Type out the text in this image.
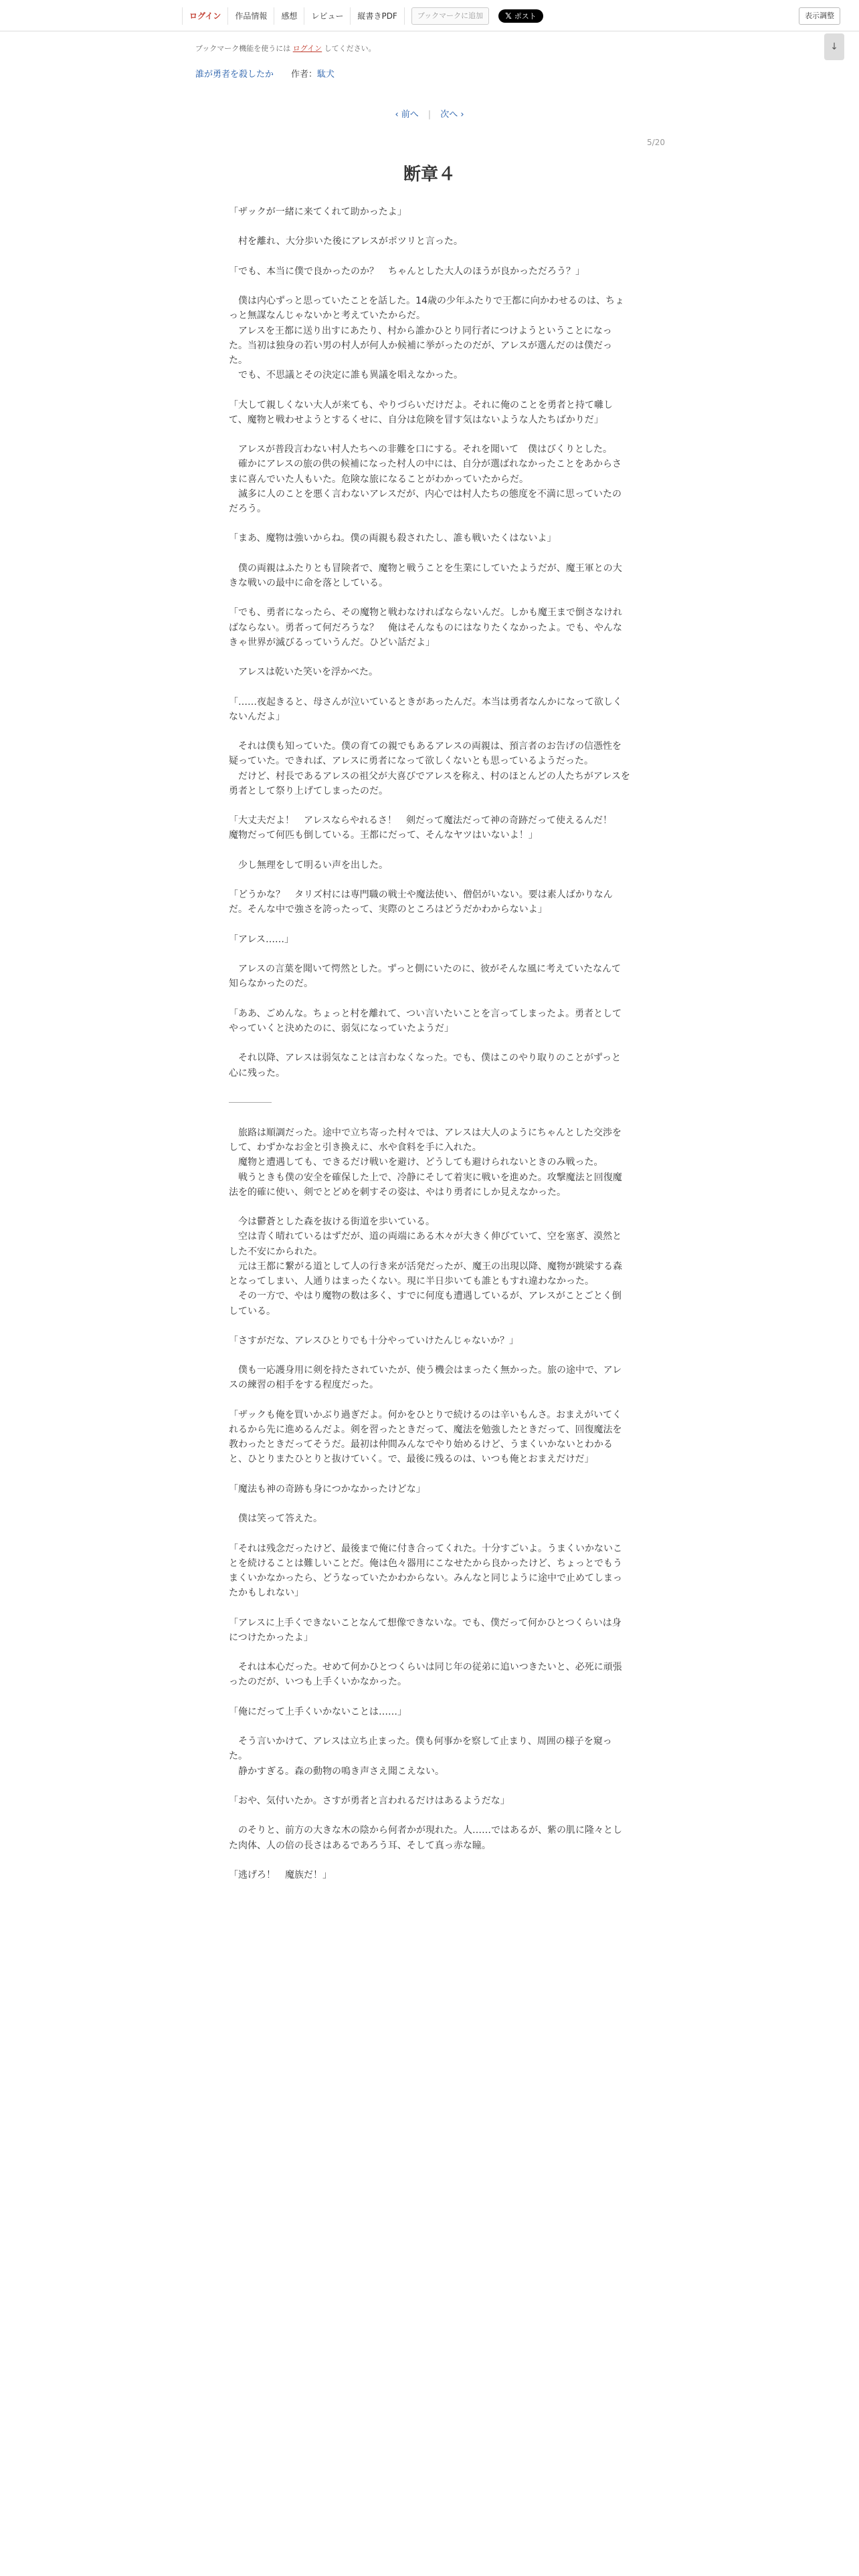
ログイン	作品情報	感想	レビュー	縦書きPDF	ブックマークに追加	𝕏 ポスト	表示調整
↓
ブックマーク機能を使うには ログイン してください。
誰が勇者を殺したか 作者：駄犬
‹ 前へ | 次へ ›
5/20
断章４

「ザックが一緒に来てくれて助かったよ」

　村を離れ、大分歩いた後にアレスがポツリと言った。

「でも、本当に僕で良かったのか？　ちゃんとした大人のほうが良かっただろう？」

　僕は内心ずっと思っていたことを話した。14歳の少年ふたりで王都に向かわせるのは、ちょっと無謀なんじゃないかと考えていたからだ。

　アレスを王都に送り出すにあたり、村から誰かひとり同行者につけようということになった。当初は独身の若い男の村人が何人か候補に挙がったのだが、アレスが選んだのは僕だった。

　でも、不思議とその決定に誰も異議を唱えなかった。

「大して親しくない大人が来ても、やりづらいだけだよ。それに俺のことを勇者と持て囃して、魔物と戦わせようとするくせに、自分は危険を冒す気はないような人たちばかりだ」

　アレスが普段言わない村人たちへの非難を口にする。それを聞いて　僕はびくりとした。

　確かにアレスの旅の供の候補になった村人の中には、自分が選ばれなかったことをあからさまに喜んでいた人もいた。危険な旅になることがわかっていたからだ。

　滅多に人のことを悪く言わないアレスだが、内心では村人たちの態度を不満に思っていたのだろう。

「まあ、魔物は強いからね。僕の両親も殺されたし、誰も戦いたくはないよ」

　僕の両親はふたりとも冒険者で、魔物と戦うことを生業にしていたようだが、魔王軍との大きな戦いの最中に命を落としている。

「でも、勇者になったら、その魔物と戦わなければならないんだ。しかも魔王まで倒さなければならない。勇者って何だろうな？　俺はそんなものにはなりたくなかったよ。でも、やんなきゃ世界が滅びるっていうんだ。ひどい話だよ」

　アレスは乾いた笑いを浮かべた。

「……夜起きると、母さんが泣いているときがあったんだ。本当は勇者なんかになって欲しくないんだよ」

　それは僕も知っていた。僕の育ての親でもあるアレスの両親は、預言者のお告げの信憑性を疑っていた。できれば、アレスに勇者になって欲しくないとも思っているようだった。

　だけど、村長であるアレスの祖父が大喜びでアレスを称え、村のほとんどの人たちがアレスを勇者として祭り上げてしまったのだ。

「大丈夫だよ！　アレスならやれるさ！　剣だって魔法だって神の奇跡だって使えるんだ！　魔物だって何匹も倒している。王都にだって、そんなヤツはいないよ！」

　少し無理をして明るい声を出した。

「どうかな？　タリズ村には専門職の戦士や魔法使い、僧侶がいない。要は素人ばかりなんだ。そんな中で強さを誇ったって、実際のところはどうだかわからないよ」

「アレス……」

　アレスの言葉を聞いて愕然とした。ずっと側にいたのに、彼がそんな風に考えていたなんて知らなかったのだ。

「ああ、ごめんな。ちょっと村を離れて、つい言いたいことを言ってしまったよ。勇者としてやっていくと決めたのに、弱気になっていたようだ」

　それ以降、アレスは弱気なことは言わなくなった。でも、僕はこのやり取りのことがずっと心に残った。

　旅路は順調だった。途中で立ち寄った村々では、アレスは大人のようにちゃんとした交渉をして、わずかなお金と引き換えに、水や食料を手に入れた。

　魔物と遭遇しても、できるだけ戦いを避け、どうしても避けられないときのみ戦った。

　戦うときも僕の安全を確保した上で、冷静にそして着実に戦いを進めた。攻撃魔法と回復魔法を的確に使い、剣でとどめを刺すその姿は、やはり勇者にしか見えなかった。

　今は鬱蒼とした森を抜ける街道を歩いている。

　空は青く晴れているはずだが、道の両端にある木々が大きく伸びていて、空を塞ぎ、漠然とした不安にかられた。

　元は王都に繋がる道として人の行き来が活発だったが、魔王の出現以降、魔物が跳梁する森となってしまい、人通りはまったくない。現に半日歩いても誰ともすれ違わなかった。

　その一方で、やはり魔物の数は多く、すでに何度も遭遇しているが、アレスがことごとく倒している。

「さすがだな、アレスひとりでも十分やっていけたんじゃないか？」

　僕も一応護身用に剣を持たされていたが、使う機会はまったく無かった。旅の途中で、アレスの練習の相手をする程度だった。

「ザックも俺を買いかぶり過ぎだよ。何かをひとりで続けるのは辛いもんさ。おまえがいてくれるから先に進めるんだよ。剣を習ったときだって、魔法を勉強したときだって、回復魔法を教わったときだってそうだ。最初は仲間みんなでやり始めるけど、うまくいかないとわかると、ひとりまたひとりと抜けていく。で、最後に残るのは、いつも俺とおまえだけだ」

「魔法も神の奇跡も身につかなかったけどな」

　僕は笑って答えた。

「それは残念だったけど、最後まで俺に付き合ってくれた。十分すごいよ。うまくいかないことを続けることは難しいことだ。俺は色々器用にこなせたから良かったけど、ちょっとでもうまくいかなかったら、どうなっていたかわからない。みんなと同じように途中で止めてしまったかもしれない」

「アレスに上手くできないことなんて想像できないな。でも、僕だって何かひとつくらいは身につけたかったよ」

　それは本心だった。せめて何かひとつくらいは同じ年の従弟に追いつきたいと、必死に頑張ったのだが、いつも上手くいかなかった。

「俺にだって上手くいかないことは……」

　そう言いかけて、アレスは立ち止まった。僕も何事かを察して止まり、周囲の様子を窺った。

　静かすぎる。森の動物の鳴き声さえ聞こえない。

「おや、気付いたか。さすが勇者と言われるだけはあるようだな」

　のそりと、前方の大きな木の陰から何者かが現れた。人……ではあるが、紫の肌に隆々とした肉体、人の倍の長さはあるであろう耳、そして真っ赤な瞳。

「逃げろ！　魔族だ！」
